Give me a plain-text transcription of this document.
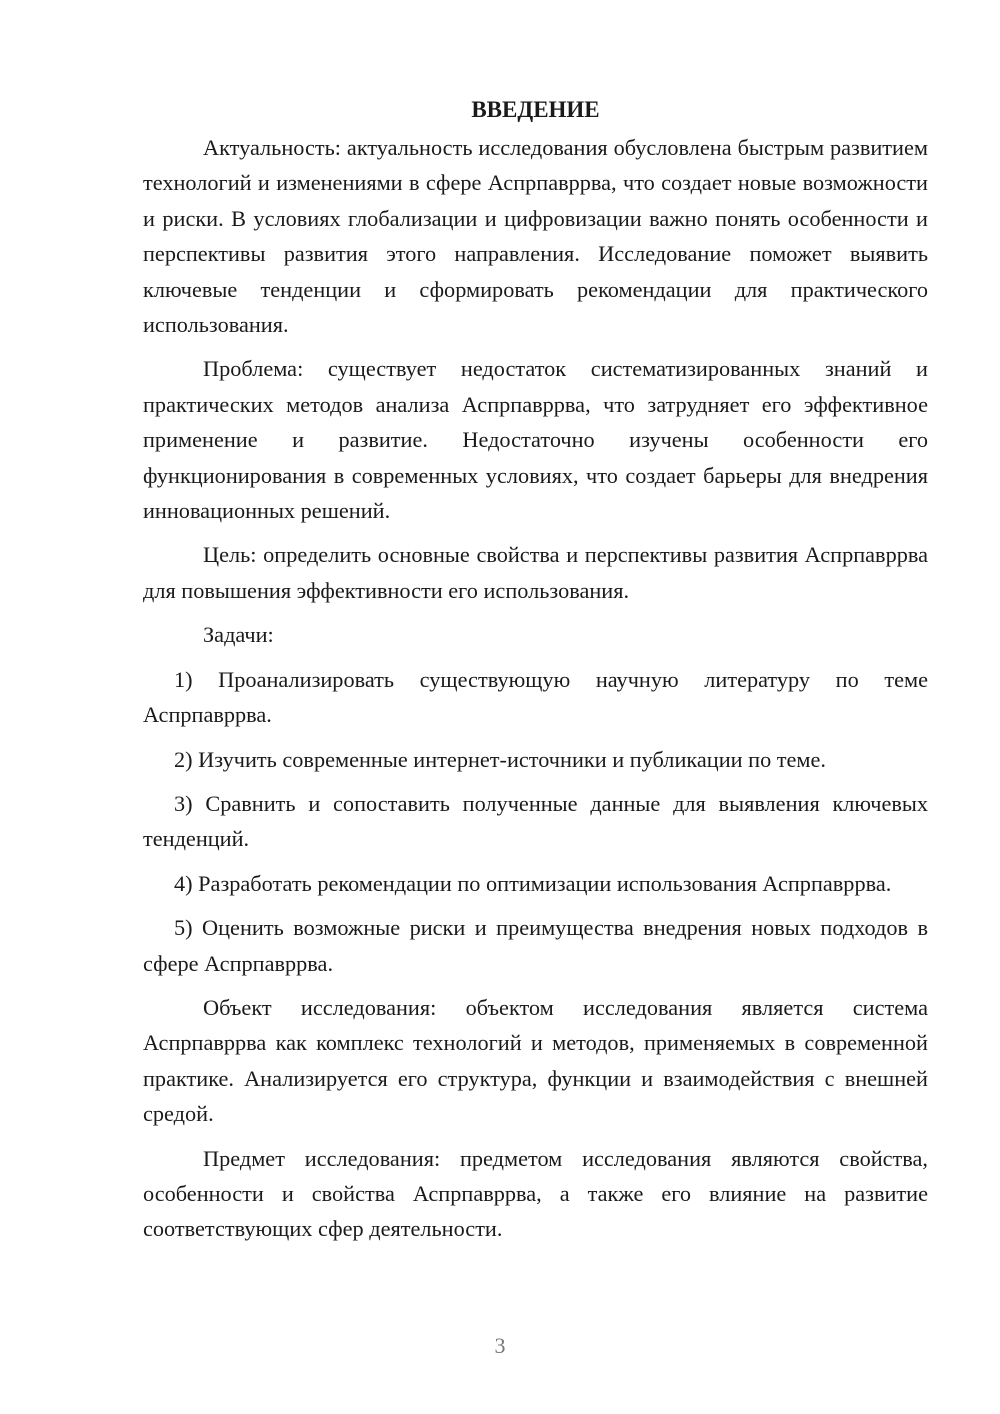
ВВЕДЕНИЕ

Актуальность: актуальность исследования обусловлена быстрым развитием технологий и изменениями в сфере Аспрпавррва, что создает новые возможности и риски. В условиях глобализации и цифровизации важно понять особенности и перспективы развития этого направления. Исследование поможет выявить ключевые тенденции и сформировать рекомендации для практического использования.

Проблема: существует недостаток систематизированных знаний и практических методов анализа Аспрпавррва, что затрудняет его эффективное применение и развитие. Недостаточно изучены особенности его функционирования в современных условиях, что создает барьеры для внедрения инновационных решений.

Цель: определить основные свойства и перспективы развития Аспрпавррва для повышения эффективности его использования.

Задачи:

1) Проанализировать существующую научную литературу по теме Аспрпавррва.

2) Изучить современные интернет-источники и публикации по теме.

3) Сравнить и сопоставить полученные данные для выявления ключевых тенденций.

4) Разработать рекомендации по оптимизации использования Аспрпавррва.

5) Оценить возможные риски и преимущества внедрения новых подходов в сфере Аспрпавррва.

Объект исследования: объектом исследования является система Аспрпавррва как комплекс технологий и методов, применяемых в современной практике. Анализируется его структура, функции и взаимодействия с внешней средой.

Предмет исследования: предметом исследования являются свойства, особенности и свойства Аспрпавррва, а также его влияние на развитие соответствующих сфер деятельности.

3
